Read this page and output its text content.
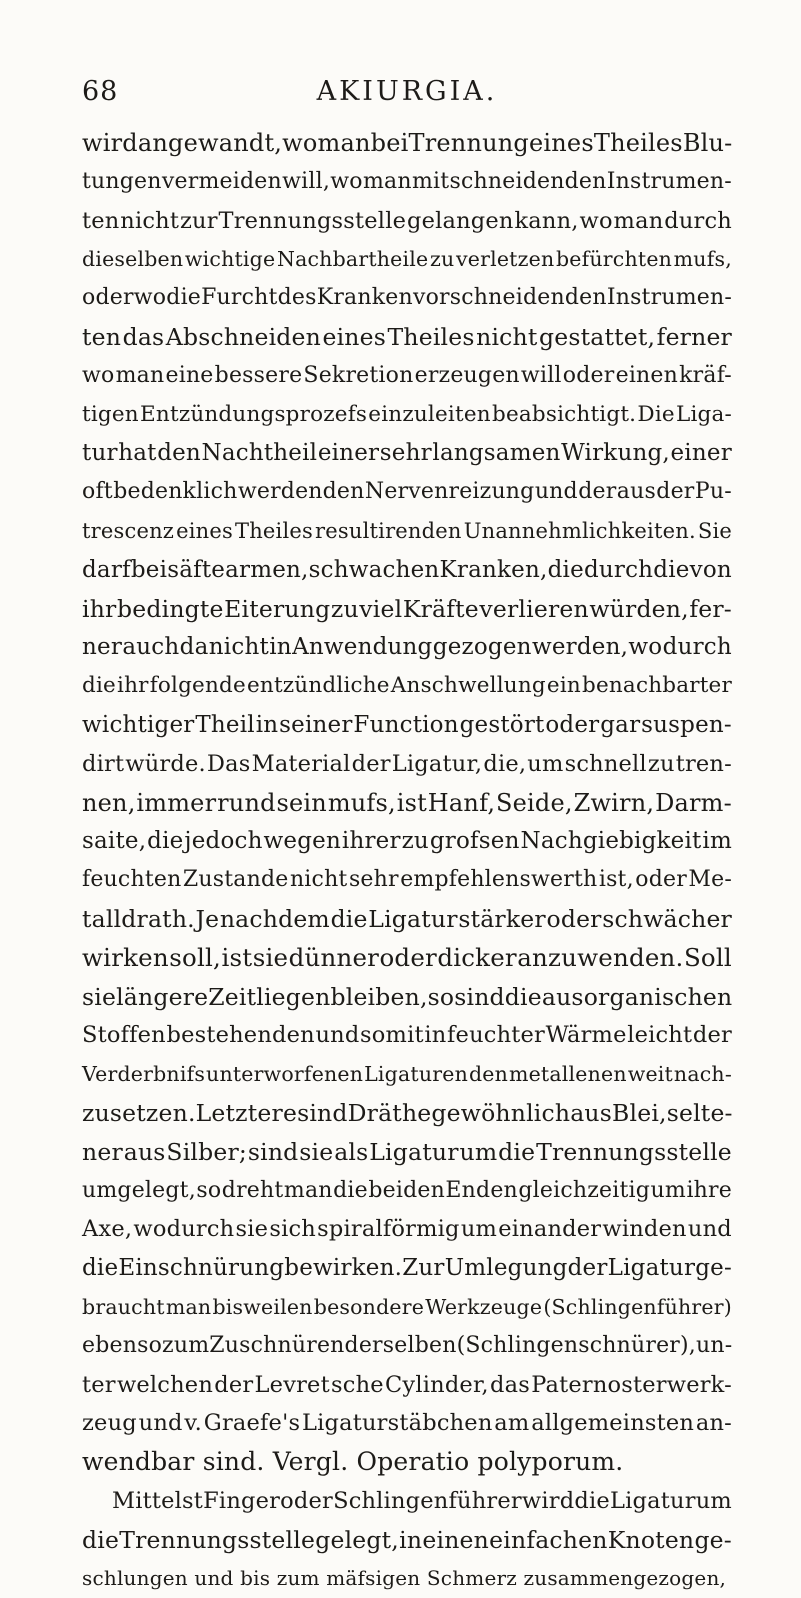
68	AKIURGIA.
wird angewandt, wo man bei Trennung eines Theiles Blu-
tungen vermeiden will, wo man mit schneidenden Instrumen-
ten nicht zur Trennungsstelle gelangen kann, wo man durch
dieselben wichtige Nachbartheile zu verletzen befürchten mufs,
oder wo die Furcht des Kranken vor schneidenden Instrumen-
ten das Abschneiden eines Theiles nicht gestattet, ferner
wo man eine bessere Sekretion erzeugen will oder einen kräf-
tigen Entzündungsprozefs einzuleiten beabsichtigt. Die Liga-
tur hat den Nachtheil einer sehr langsamen Wirkung, einer
oft bedenklich werdenden Nervenreizung und der aus der Pu-
trescenz eines Theiles resultirenden Unannehmlichkeiten. Sie
darf bei säftearmen, schwachen Kranken, die durch die von
ihr bedingte Eiterung zu viel Kräfte verlieren würden, fer-
ner auch da nicht in Anwendung gezogen werden, wo durch
die ihr folgende entzündliche Anschwellung ein benachbarter
wichtiger Theil in seiner Function gestört oder gar suspen-
dirt würde. Das Material der Ligatur, die, um schnell zu tren-
nen, immer rund sein mufs, ist Hanf, Seide, Zwirn, Darm-
saite, die jedoch wegen ihrer zu grofsen Nachgiebigkeit im
feuchten Zustande nicht sehr empfehlenswerth ist, oder Me-
talldrath. Je nachdem die Ligatur stärker oder schwächer
wirken soll, ist sie dünner oder dicker anzuwenden. Soll
sie längere Zeit liegen bleiben, so sind die aus organischen
Stoffen bestehenden und somit in feuchter Wärme leicht der
Verderbnifs unterworfenen Ligaturen den metallenen weit nach-
zusetzen. Letztere sind Dräthe gewöhnlich aus Blei, selte-
ner aus Silber; sind sie als Ligatur um die Trennungsstelle
umgelegt, so dreht man die beiden Enden gleichzeitig um ihre
Axe, wodurch sie sich spiralförmig um einander winden und
die Einschnürung bewirken. Zur Umlegung der Ligatur ge-
braucht man bisweilen besondere Werkzeuge (Schlingenführer)
eben so zum Zuschnüren derselben (Schlingenschnürer), un-
ter welchen der Levret sche Cylinder, das Paternosterwerk-
zeug und v. Graefe's Ligaturstäbchen am allgemeinsten an-
wendbar sind. Vergl. Operatio polyporum.
Mittelst Finger oder Schlingenführer wird die Ligatur um
die Trennungsstelle gelegt, in einen einfachen Knoten ge-
schlungen und bis zum mäfsigen Schmerz zusammengezogen,
